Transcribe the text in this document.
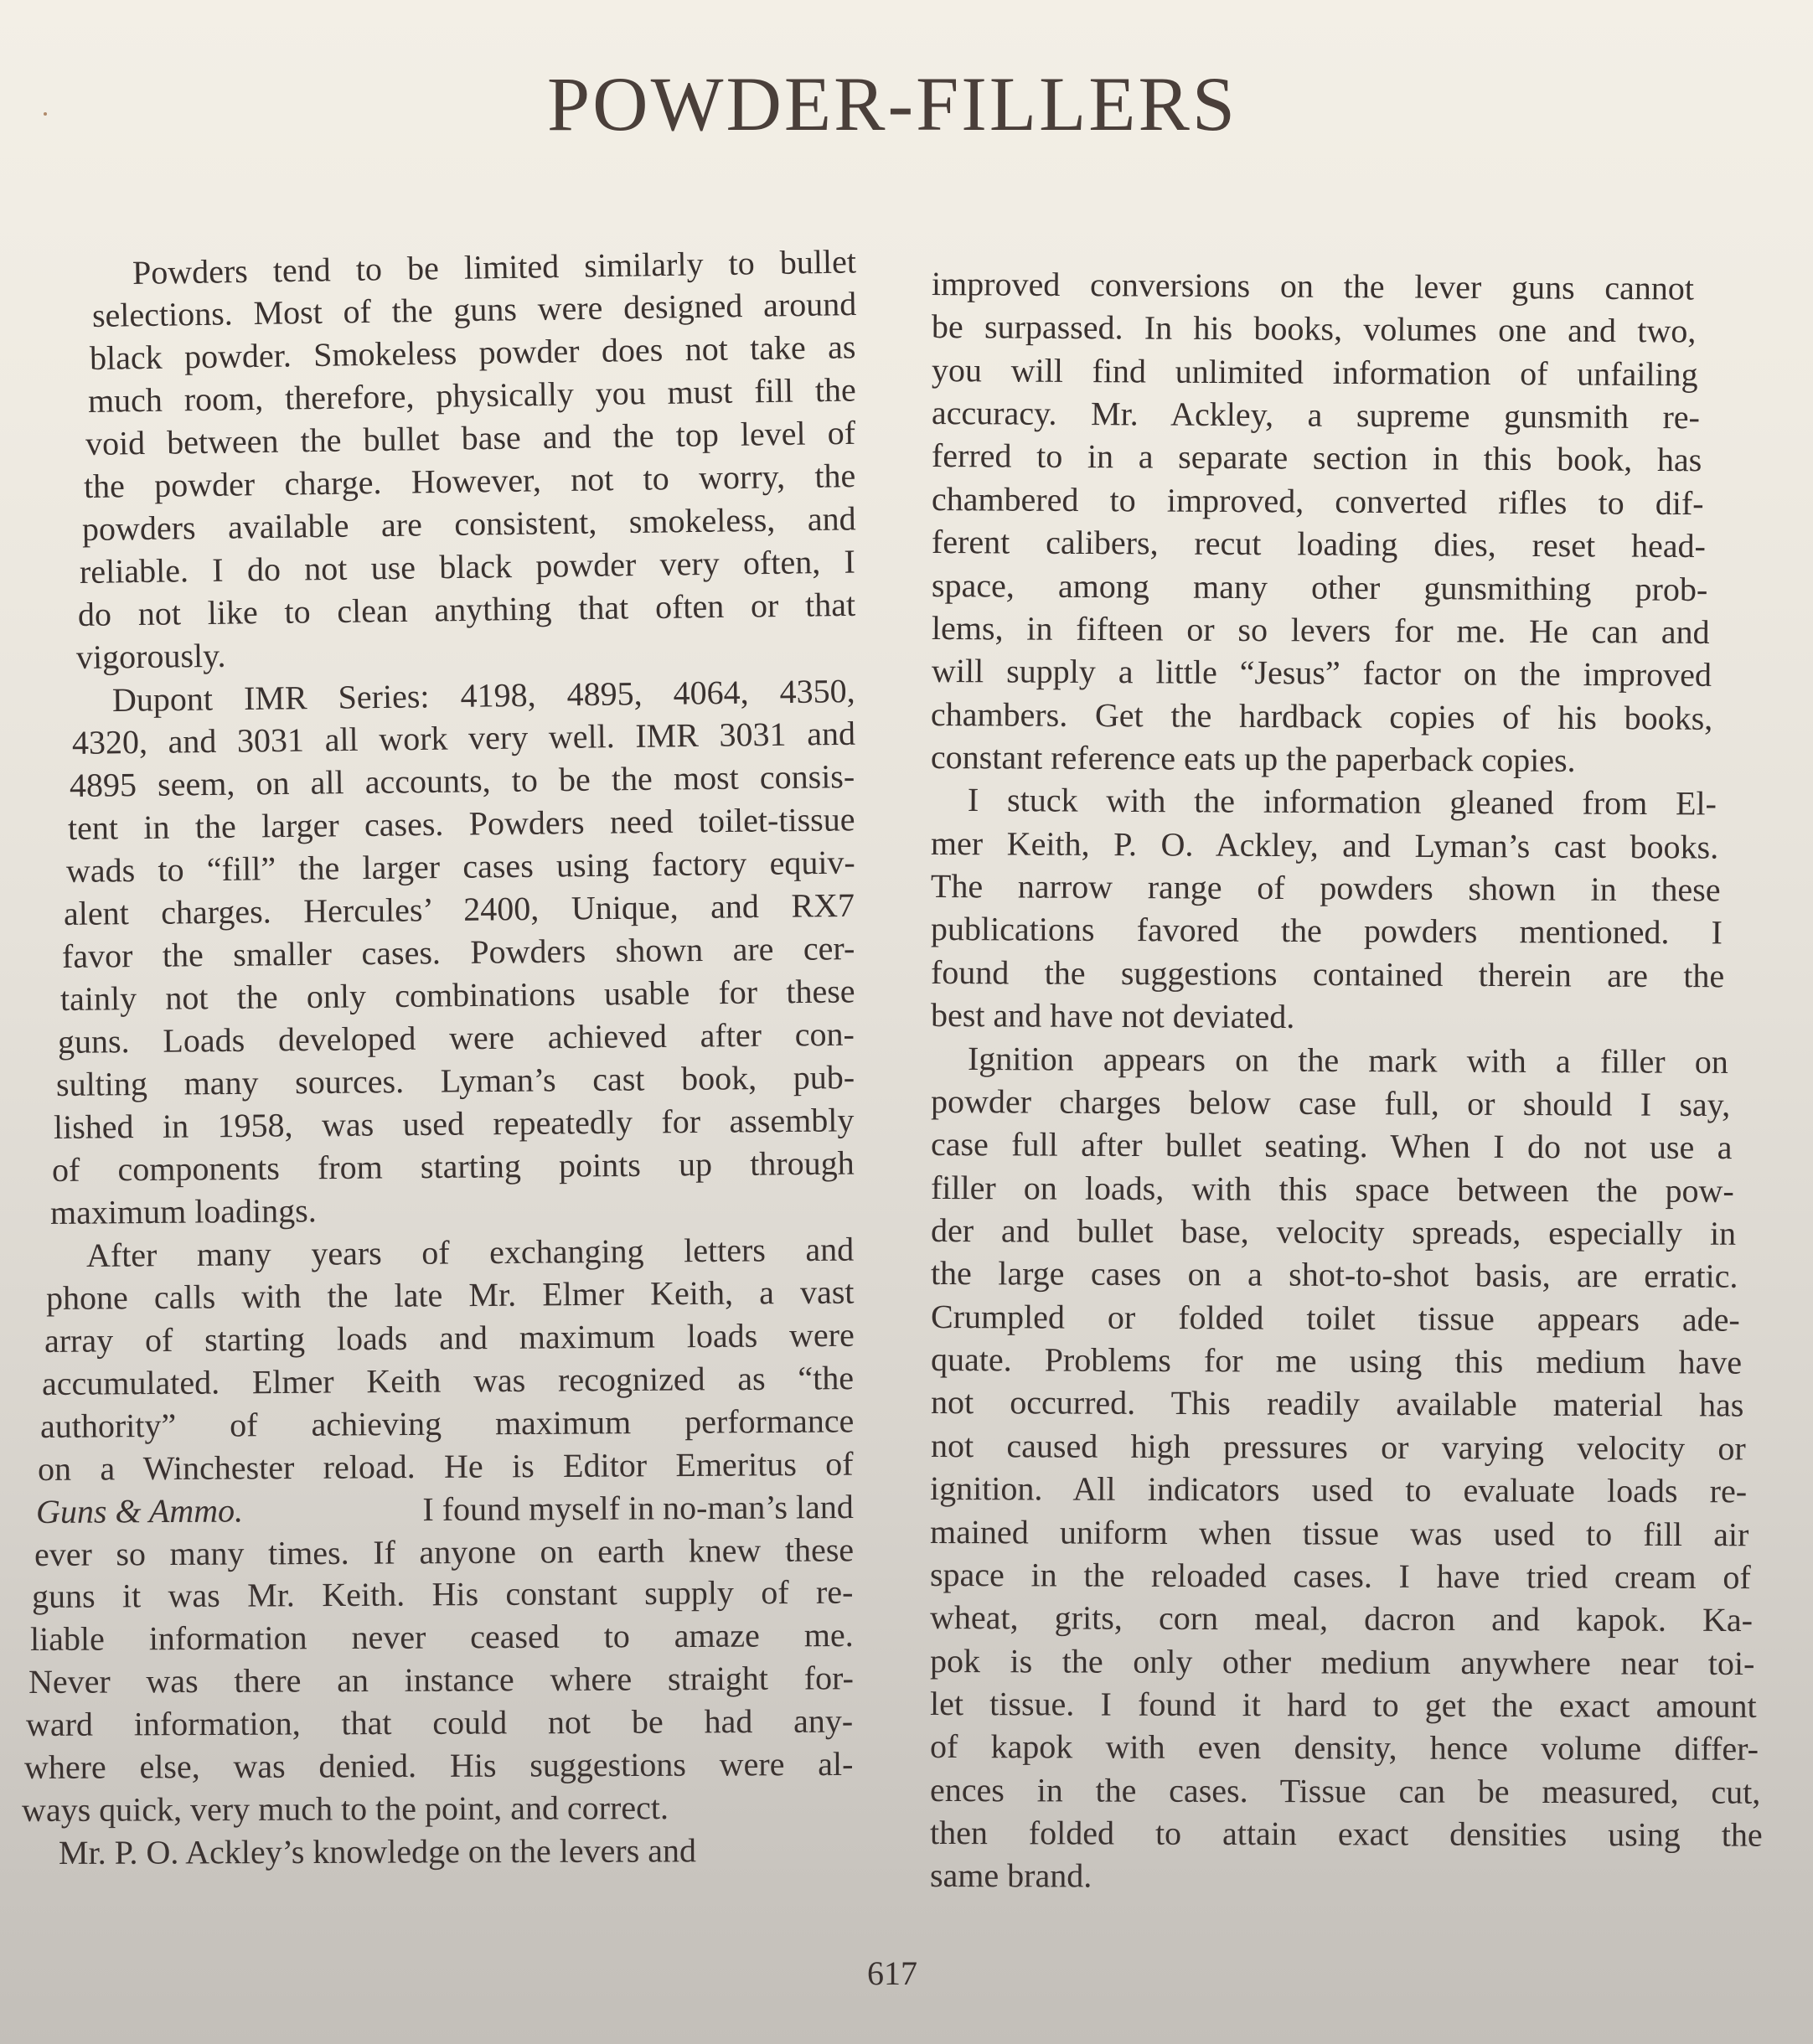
POWDER-FILLERS
Powders tend to be limited similarly to bullet
selections. Most of the guns were designed around
black powder. Smokeless powder does not take as
much room, therefore, physically you must fill the
void between the bullet base and the top level of
the powder charge. However, not to worry, the
powders available are consistent, smokeless, and
reliable. I do not use black powder very often, I
do not like to clean anything that often or that
vigorously.
Dupont IMR Series: 4198, 4895, 4064, 4350,
4320, and 3031 all work very well. IMR 3031 and
4895 seem, on all accounts, to be the most consis-
tent in the larger cases. Powders need toilet-tissue
wads to “fill” the larger cases using factory equiv-
alent charges. Hercules’ 2400, Unique, and RX7
favor the smaller cases. Powders shown are cer-
tainly not the only combinations usable for these
guns. Loads developed were achieved after con-
sulting many sources. Lyman’s cast book, pub-
lished in 1958, was used repeatedly for assembly
of components from starting points up through
maximum loadings.
After many years of exchanging letters and
phone calls with the late Mr. Elmer Keith, a vast
array of starting loads and maximum loads were
accumulated. Elmer Keith was recognized as “the
authority” of achieving maximum performance
on a Winchester reload. He is Editor Emeritus of
Guns & Ammo.	I found myself in no-man’s land
ever so many times. If anyone on earth knew these
guns it was Mr. Keith. His constant supply of re-
liable information never ceased to amaze me.
Never was there an instance where straight for-
ward information, that could not be had any-
where else, was denied. His suggestions were al-
ways quick, very much to the point, and correct.
Mr. P. O. Ackley’s knowledge on the levers and
improved conversions on the lever guns cannot
be surpassed. In his books, volumes one and two,
you will find unlimited information of unfailing
accuracy. Mr. Ackley, a supreme gunsmith re-
ferred to in a separate section in this book, has
chambered to improved, converted rifles to dif-
ferent calibers, recut loading dies, reset head-
space, among many other gunsmithing prob-
lems, in fifteen or so levers for me. He can and
will supply a little “Jesus” factor on the improved
chambers. Get the hardback copies of his books,
constant reference eats up the paperback copies.
I stuck with the information gleaned from El-
mer Keith, P. O. Ackley, and Lyman’s cast books.
The narrow range of powders shown in these
publications favored the powders mentioned. I
found the suggestions contained therein are the
best and have not deviated.
Ignition appears on the mark with a filler on
powder charges below case full, or should I say,
case full after bullet seating. When I do not use a
filler on loads, with this space between the pow-
der and bullet base, velocity spreads, especially in
the large cases on a shot-to-shot basis, are erratic.
Crumpled or folded toilet tissue appears ade-
quate. Problems for me using this medium have
not occurred. This readily available material has
not caused high pressures or varying velocity or
ignition. All indicators used to evaluate loads re-
mained uniform when tissue was used to fill air
space in the reloaded cases. I have tried cream of
wheat, grits, corn meal, dacron and kapok. Ka-
pok is the only other medium anywhere near toi-
let tissue. I found it hard to get the exact amount
of kapok with even density, hence volume differ-
ences in the cases. Tissue can be measured, cut,
then folded to attain exact densities using the
same brand.
617
